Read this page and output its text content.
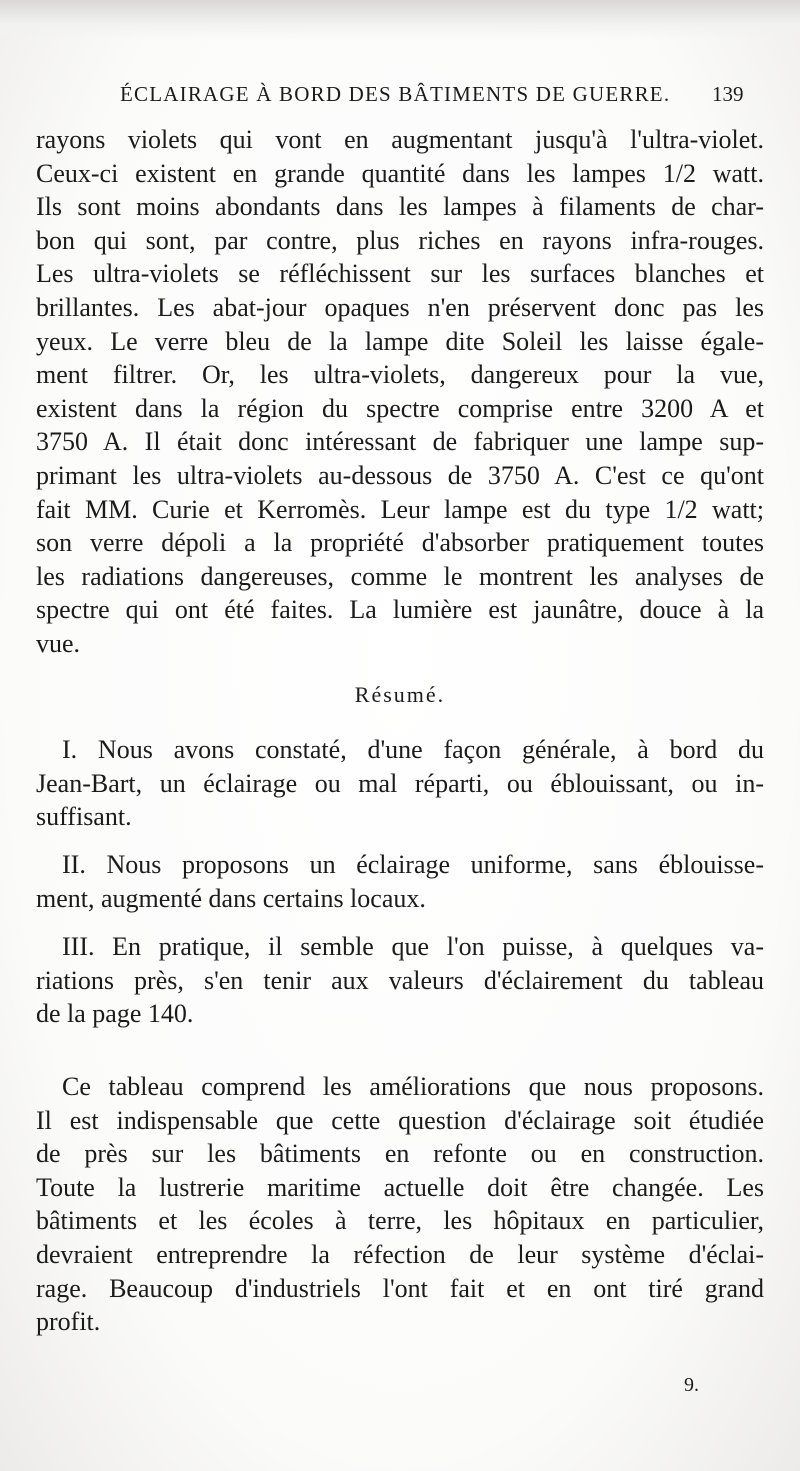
ÉCLAIRAGE À BORD DES BÂTIMENTS DE GUERRE.	139

rayons violets qui vont en augmentant jusqu'à l'ultra-violet.
Ceux-ci existent en grande quantité dans les lampes 1/2 watt.
Ils sont moins abondants dans les lampes à filaments de char-
bon qui sont, par contre, plus riches en rayons infra-rouges.
Les ultra-violets se réfléchissent sur les surfaces blanches et
brillantes. Les abat-jour opaques n'en préservent donc pas les
yeux. Le verre bleu de la lampe dite Soleil les laisse égale-
ment filtrer. Or, les ultra-violets, dangereux pour la vue,
existent dans la région du spectre comprise entre 3200 A et
3750 A. Il était donc intéressant de fabriquer une lampe sup-
primant les ultra-violets au-dessous de 3750 A. C'est ce qu'ont
fait MM. Curie et Kerromès. Leur lampe est du type 1/2 watt;
son verre dépoli a la propriété d'absorber pratiquement toutes
les radiations dangereuses, comme le montrent les analyses de
spectre qui ont été faites. La lumière est jaunâtre, douce à la
vue.

Résumé.

I. Nous avons constaté, d'une façon générale, à bord du
Jean-Bart, un éclairage ou mal réparti, ou éblouissant, ou in-
suffisant.

II. Nous proposons un éclairage uniforme, sans éblouisse-
ment, augmenté dans certains locaux.

III. En pratique, il semble que l'on puisse, à quelques va-
riations près, s'en tenir aux valeurs d'éclairement du tableau
de la page 140.

Ce tableau comprend les améliorations que nous proposons.
Il est indispensable que cette question d'éclairage soit étudiée
de près sur les bâtiments en refonte ou en construction.
Toute la lustrerie maritime actuelle doit être changée. Les
bâtiments et les écoles à terre, les hôpitaux en particulier,
devraient entreprendre la réfection de leur système d'éclai-
rage. Beaucoup d'industriels l'ont fait et en ont tiré grand
profit.

9.
